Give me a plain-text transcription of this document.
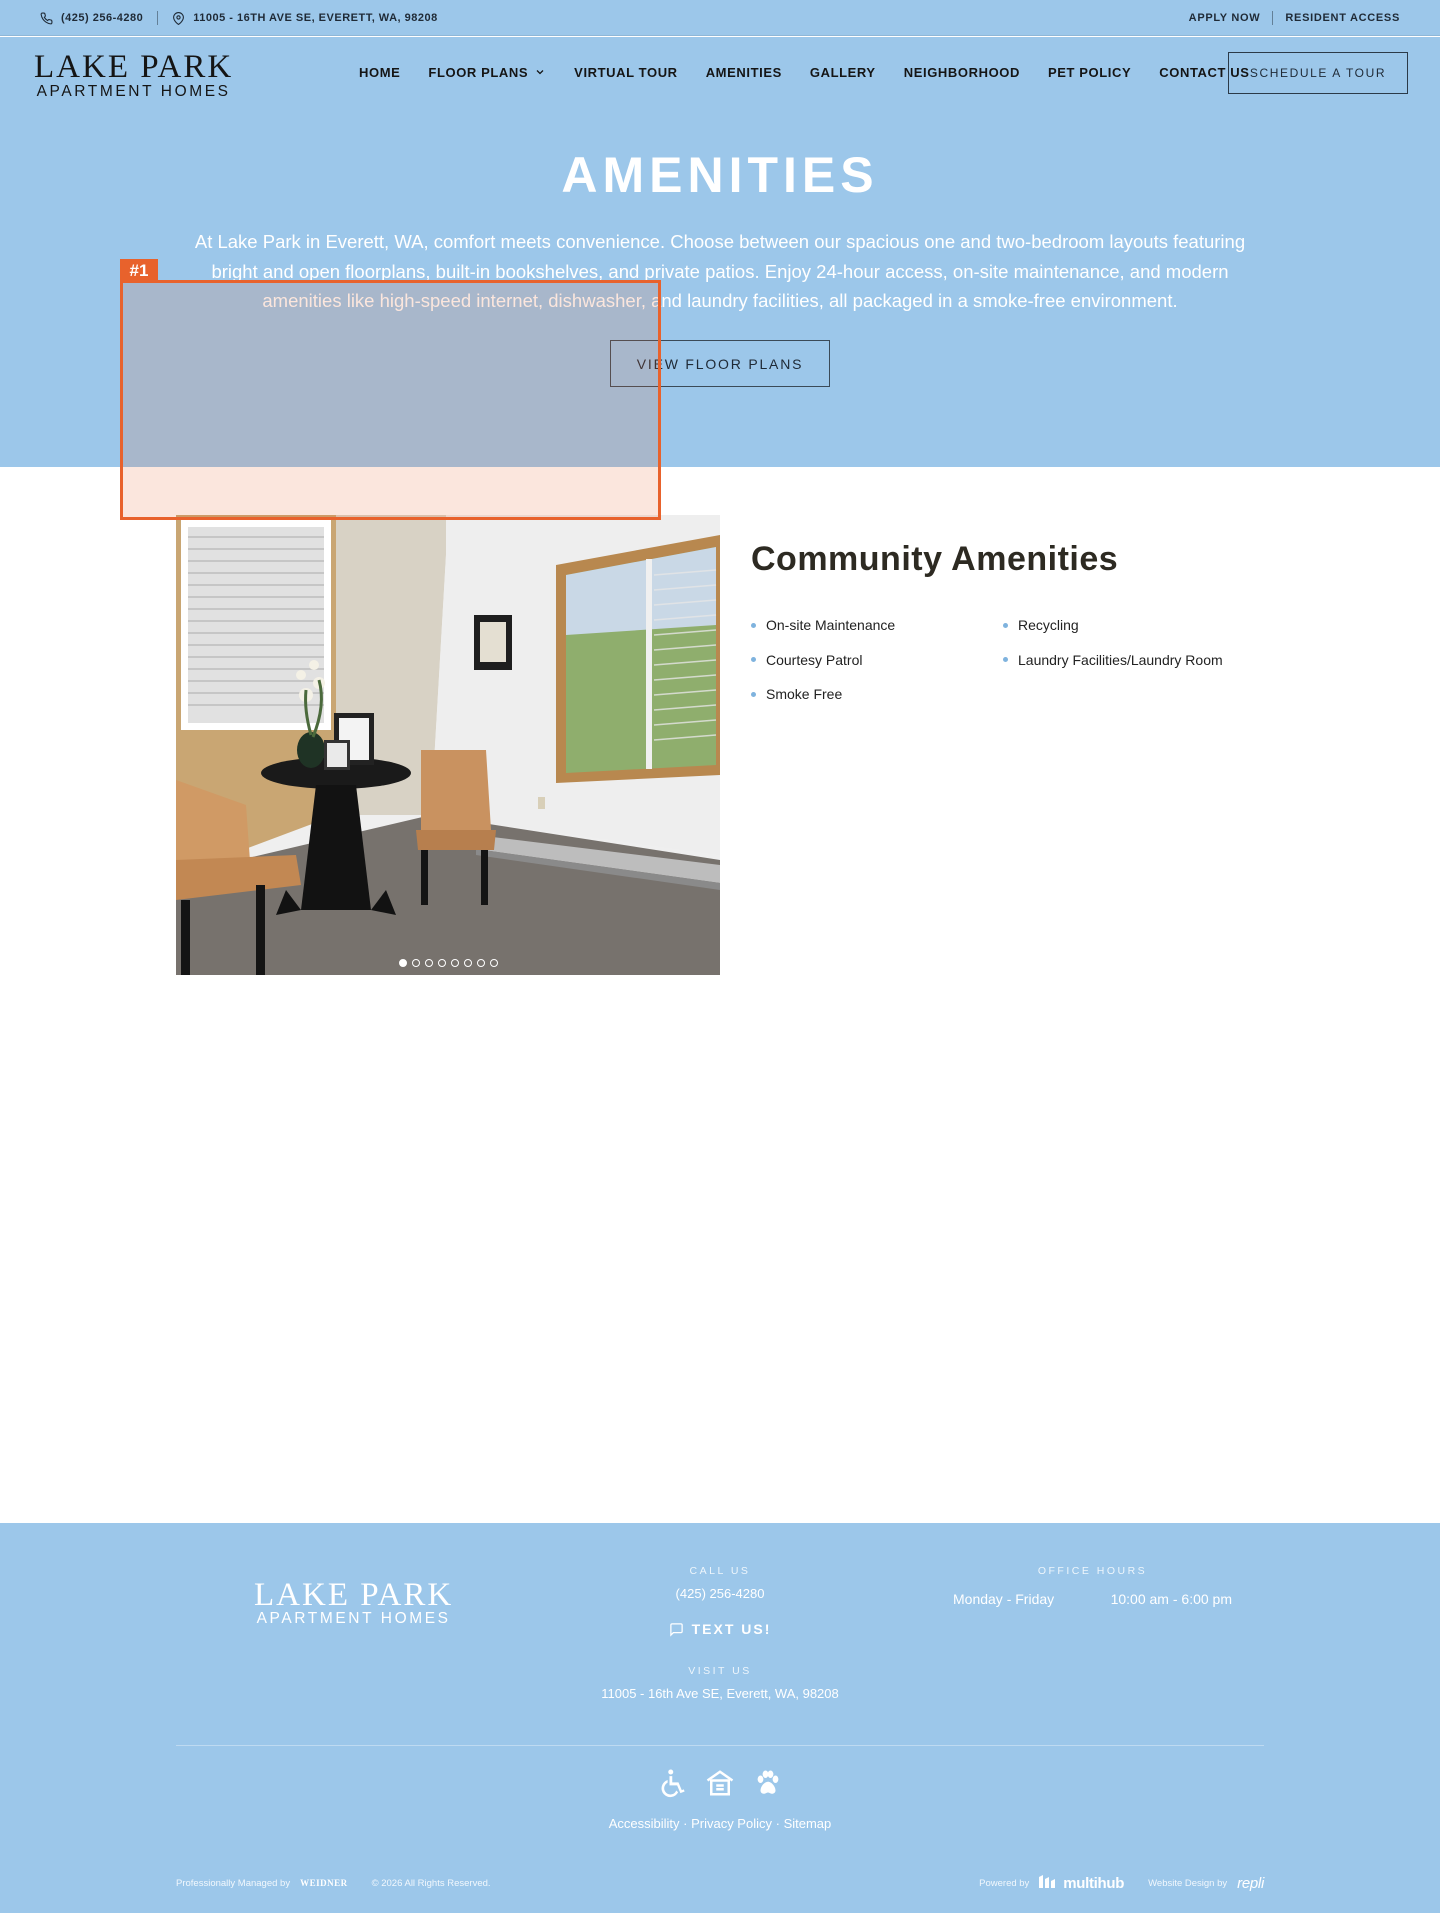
(425) 256-4280	11005 - 16TH AVE SE, EVERETT, WA, 98208	APPLY NOW RESIDENT ACCESS
LAKE PARK
APARTMENT HOMES
HOME FLOOR PLANS	VIRTUAL TOUR AMENITIES GALLERY NEIGHBORHOOD PET POLICY CONTACT US SCHEDULE A TOUR
AMENITIES

At Lake Park in Everett, WA, comfort meets convenience. Choose between our spacious one and two-bedroom layouts featuring bright and open floorplans, built-in bookshelves, and private patios. Enjoy 24-hour access, on-site maintenance, and modern amenities like high-speed internet, dishwasher, and laundry facilities, all packaged in a smoke-free environment.

VIEW FLOOR PLANS
Community Amenities
On-site Maintenance
Courtesy Patrol
Smoke Free
Recycling
Laundry Facilities/Laundry Room
#1
LAKE PARK
APARTMENT HOMES
CALL US
(425) 256-4280
TEXT US!
VISIT US
11005 - 16th Ave SE, Everett, WA, 98208
OFFICE HOURS
Monday - Friday	10:00 am - 6:00 pm
Accessibility · Privacy Policy · Sitemap
Professionally Managed by WEIDNER	© 2026 All Rights Reserved.	Powered by	multihub	Website Design by repli
